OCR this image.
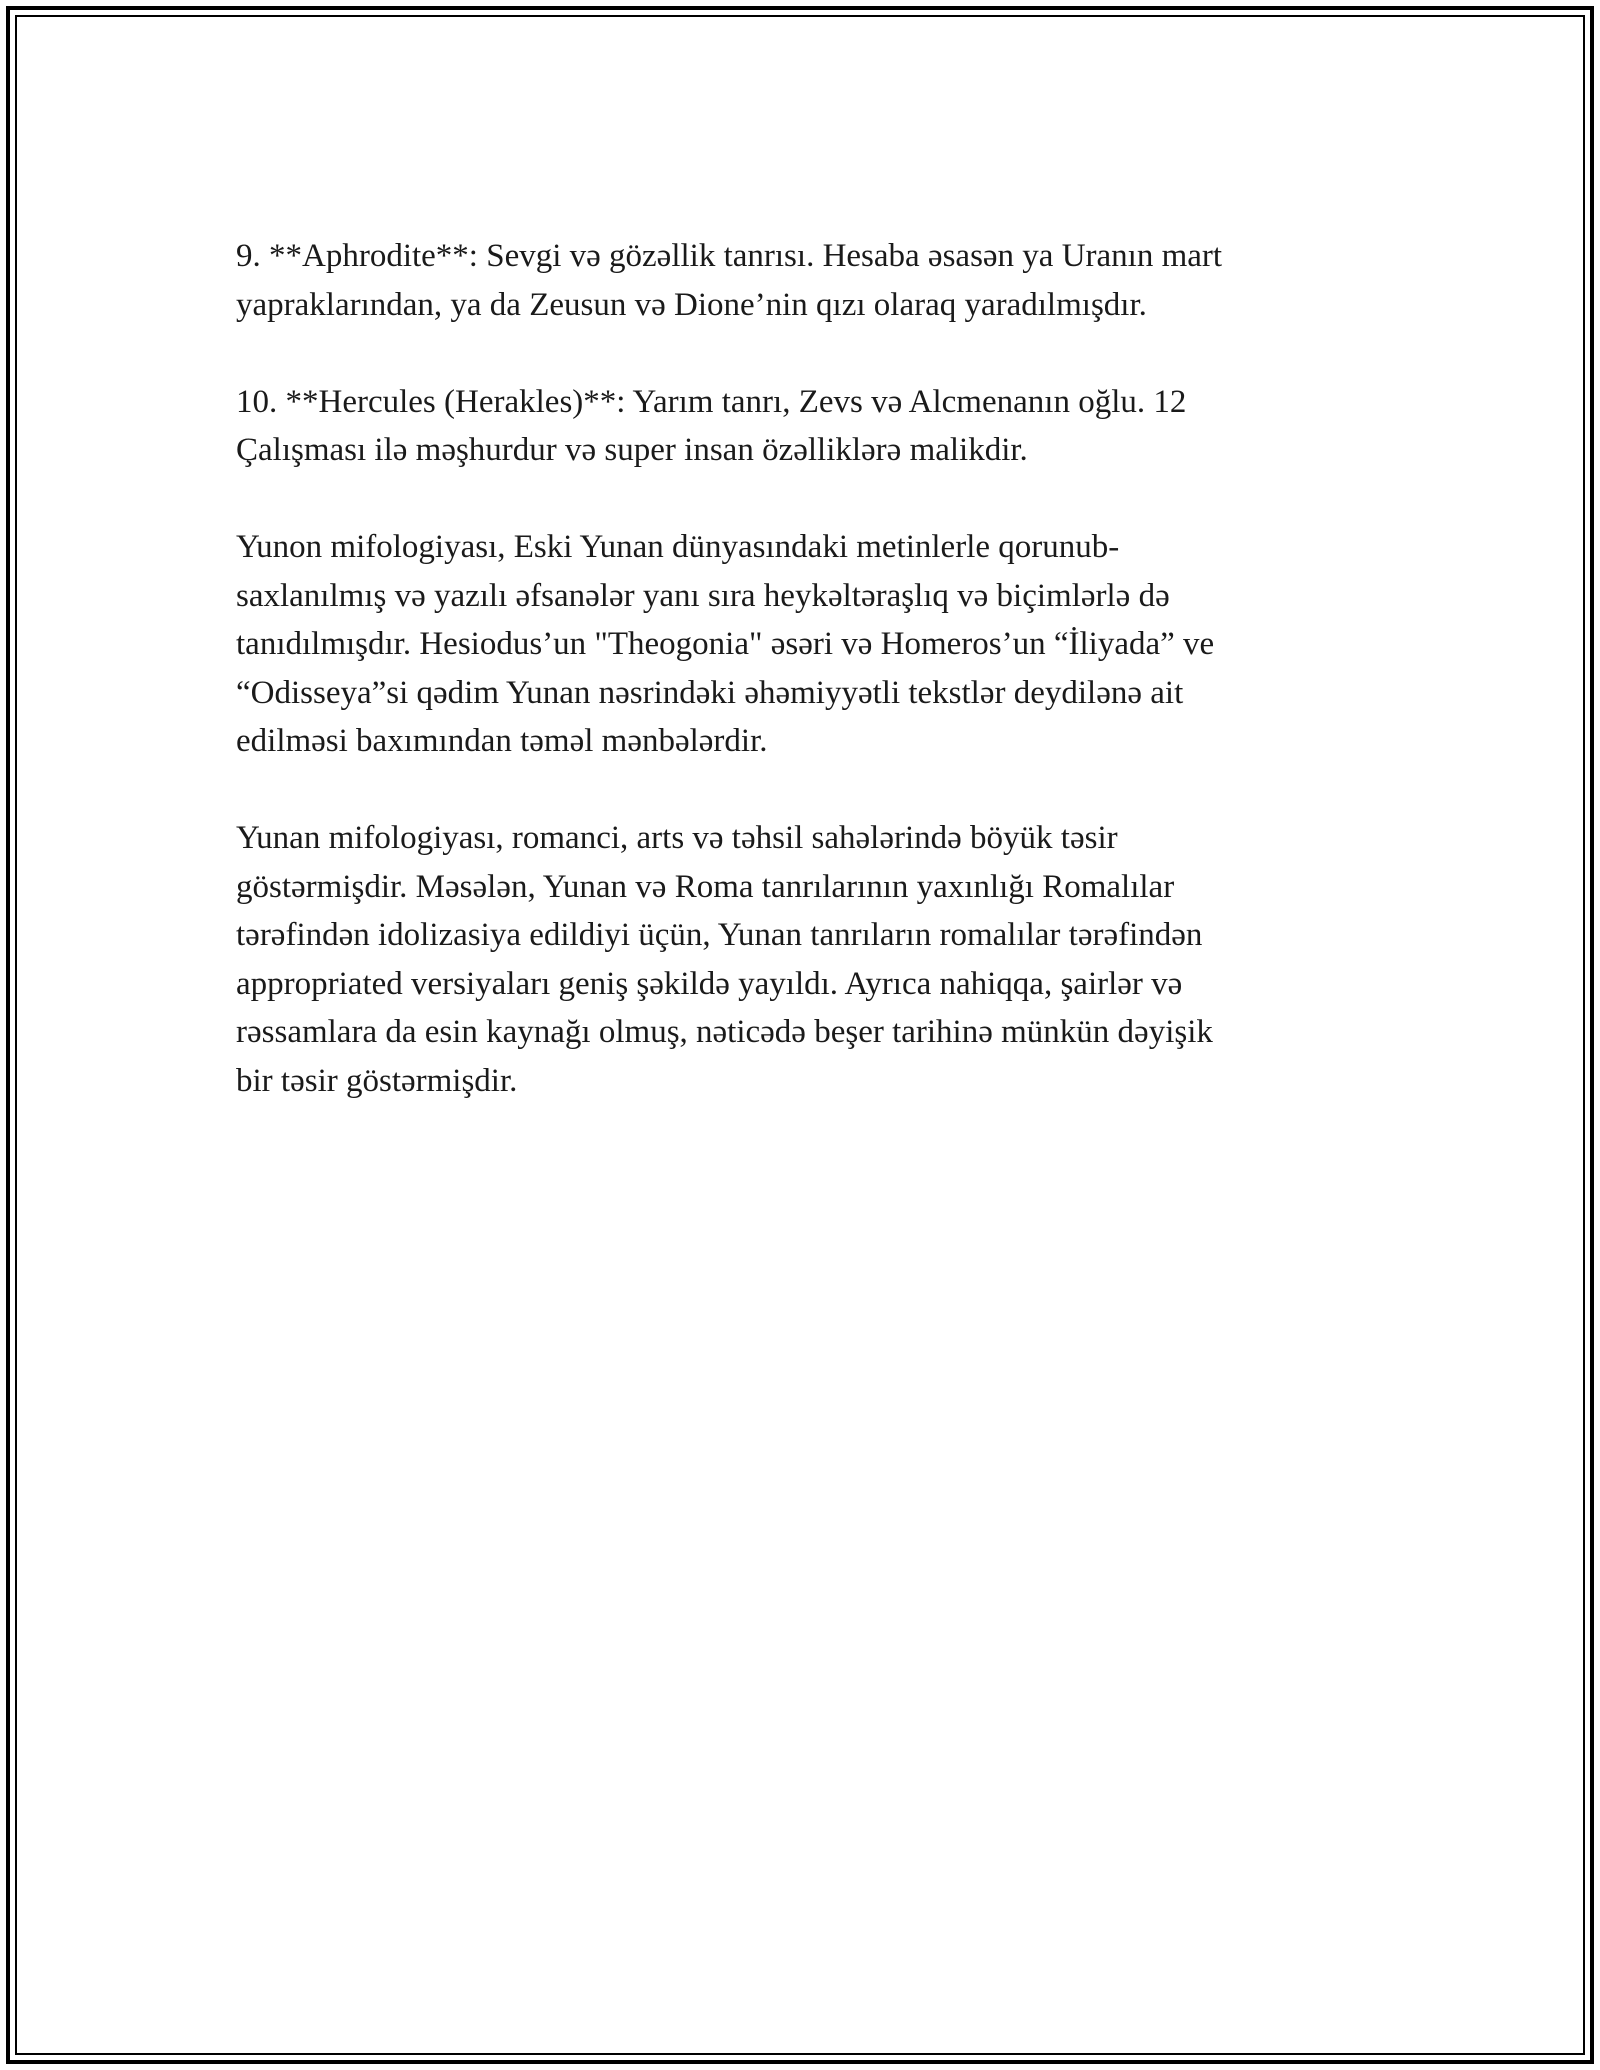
9. **Aphrodite**: Sevgi və gözəllik tanrısı. Hesaba əsasən ya Uranın mart
yapraklarından, ya da Zeusun və Dione’nin qızı olaraq yaradılmışdır.

10. **Hercules (Herakles)**: Yarım tanrı, Zevs və Alcmenanın oğlu. 12
Çalışması ilə məşhurdur və super insan özəlliklərə malikdir.

Yunon mifologiyası, Eski Yunan dünyasındaki metinlerle qorunub-
saxlanılmış və yazılı əfsanələr yanı sıra heykəltəraşlıq və biçimlərlə də
tanıdılmışdır. Hesiodus’un "Theogonia" əsəri və Homeros’un “İliyada” ve
“Odisseya”si qədim Yunan nəsrindəki əhəmiyyətli tekstlər deydilənə ait
edilməsi baxımından təməl mənbələrdir.

Yunan mifologiyası, romanci, arts və təhsil sahələrində böyük təsir
göstərmişdir. Məsələn, Yunan və Roma tanrılarının yaxınlığı Romalılar
tərəfindən idolizasiya edildiyi üçün, Yunan tanrıların romalılar tərəfindən
appropriated versiyaları geniş şəkildə yayıldı. Ayrıca nahiqqa, şairlər və
rəssamlara da esin kaynağı olmuş, nəticədə beşer tarihinə münkün dəyişik
bir təsir göstərmişdir.
